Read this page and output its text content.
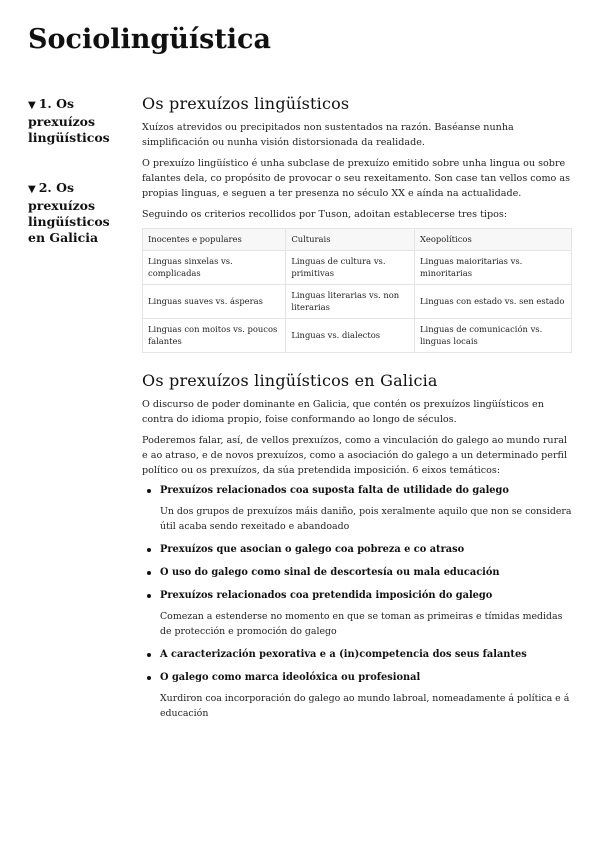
Sociolingüística
▼ 1. Os prexuízos lingüísticos
▼ 2. Os prexuízos lingüísticos en Galicia
Os prexuízos lingüísticos

Xuízos atrevidos ou precipitados non sustentados na razón. Baséanse nunha simplificación ou nunha visión distorsionada da realidade.

O prexuízo lingüístico é unha subclase de prexuízo emitido sobre unha lingua ou sobre falantes dela, co propósito de provocar o seu rexeitamento. Son case tan vellos como as propias linguas, e seguen a ter presenza no século XX e aínda na actualidade.

Seguindo os criterios recollidos por Tuson, adoitan establecerse tres tipos:

Inocentes e populares	Culturais	Xeopolíticos
Linguas sinxelas vs. complicadas	Linguas de cultura vs. primitivas	Linguas maioritarias vs. minoritarias
Linguas suaves vs. ásperas	Linguas literarias vs. non literarias	Linguas con estado vs. sen estado
Linguas con moitos vs. poucos falantes	Linguas vs. dialectos	Linguas de comunicación vs. linguas locais
Os prexuízos lingüísticos en Galicia

O discurso de poder dominante en Galicia, que contén os prexuízos lingüísticos en contra do idioma propio, foise conformando ao longo de séculos.

Poderemos falar, así, de vellos prexuízos, como a vinculación do galego ao mundo rural e ao atraso, e de novos prexuízos, como a asociación do galego a un determinado perfil político ou os prexuízos, da súa pretendida imposición. 6 eixos temáticos:

Prexuízos relacionados coa suposta falta de utilidade do galego
Un dos grupos de prexuízos máis daniño, pois xeralmente aquilo que non se considera útil acaba sendo rexeitado e abandoado
Prexuízos que asocian o galego coa pobreza e co atraso
O uso do galego como sinal de descortesía ou mala educación
Prexuízos relacionados coa pretendida imposición do galego
Comezan a estenderse no momento en que se toman as primeiras e tímidas medidas de protección e promoción do galego
A caracterización pexorativa e a (in)competencia dos seus falantes
O galego como marca ideolóxica ou profesional
Xurdiron coa incorporación do galego ao mundo labroal, nomeadamente á política e á educación
